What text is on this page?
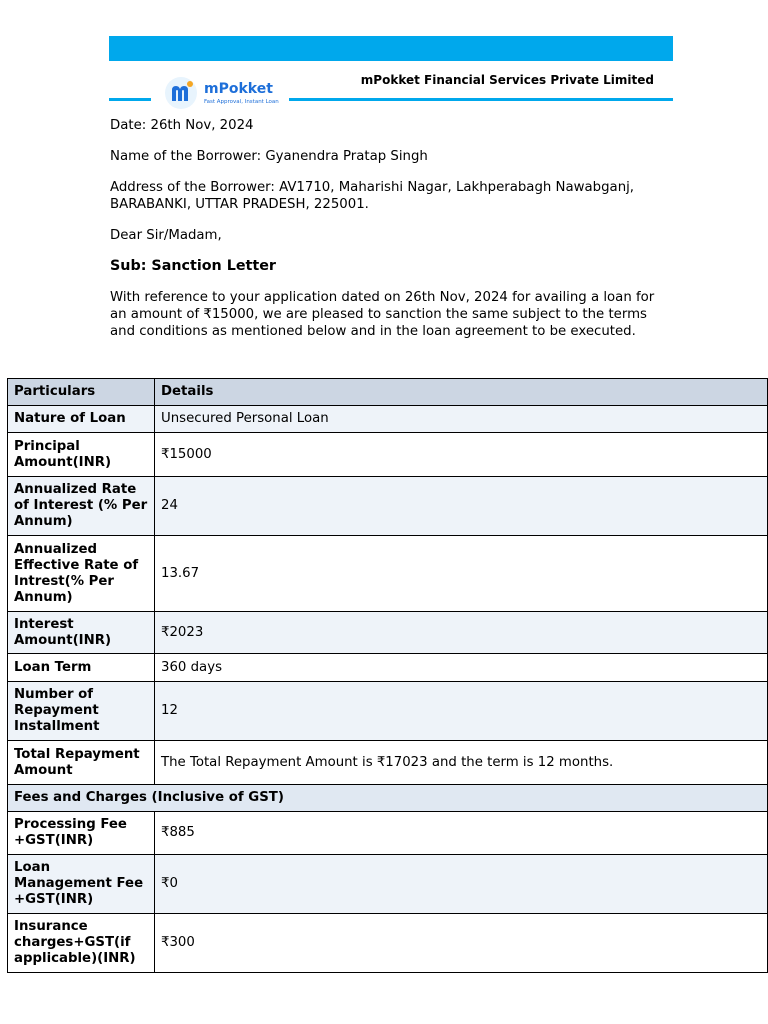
mPokket
Fast Approval, Instant Loan
mPokket Financial Services Private Limited

Date: 26th Nov, 2024

Name of the Borrower: Gyanendra Pratap Singh

Address of the Borrower: AV1710, Maharishi Nagar, Lakhperabagh Nawabganj, BARABANKI, UTTAR PRADESH, 225001.

Dear Sir/Madam,

Sub: Sanction Letter

With reference to your application dated on 26th Nov, 2024 for availing a loan for an amount of ₹15000, we are pleased to sanction the same subject to the terms and conditions as mentioned below and in the loan agreement to be executed.

Particulars	Details
Nature of Loan	Unsecured Personal Loan
Principal Amount(INR)	₹15000
Annualized Rate of Interest (% Per Annum)	24
Annualized Effective Rate of Intrest(% Per Annum)	13.67
Interest Amount(INR)	₹2023
Loan Term	360 days
Number of Repayment Installment	12
Total Repayment Amount	The Total Repayment Amount is ₹17023 and the term is 12 months.
Fees and Charges (Inclusive of GST)	
Processing Fee +GST(INR)	₹885
Loan Management Fee +GST(INR)	₹0
Insurance charges+GST(if applicable)(INR)	₹300
